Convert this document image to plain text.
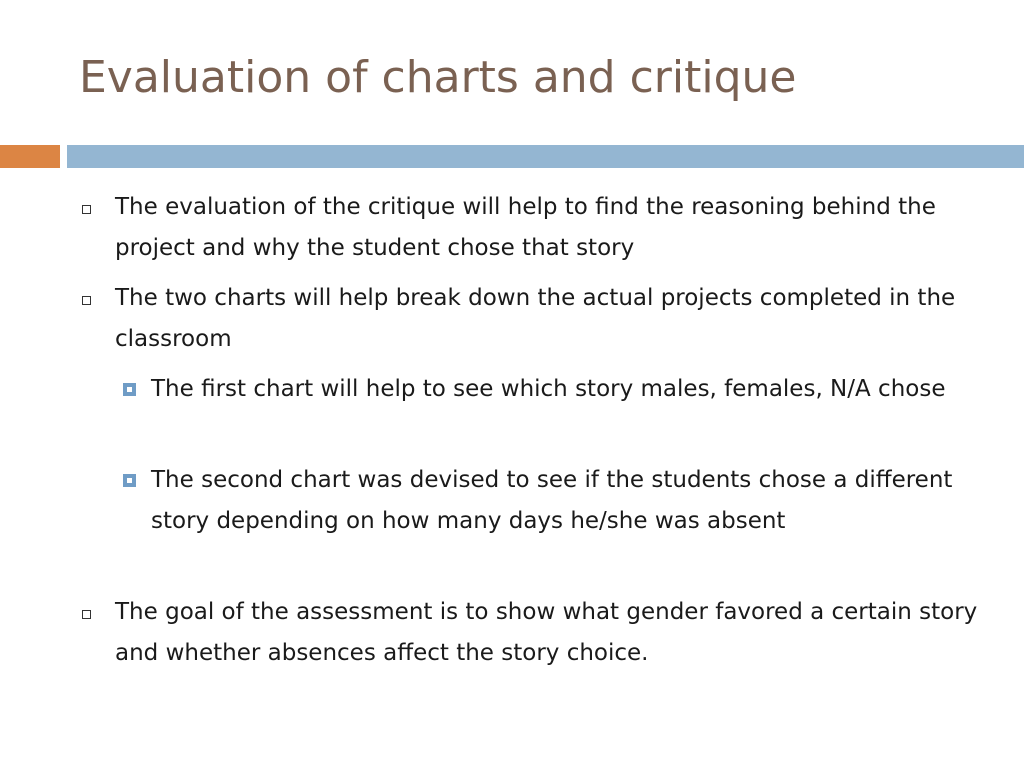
Evaluation of charts and critique
The evaluation of the critique will help to find the reasoning behind the project and why the student chose that story
The two charts will help break down the actual projects completed in the classroom
The first chart will help to see which story males, females, N/A chose
The second chart was devised to see if the students chose a different story depending on how many days he/she was absent
The goal of the assessment is to show what gender favored a certain story and whether absences affect the story choice.
